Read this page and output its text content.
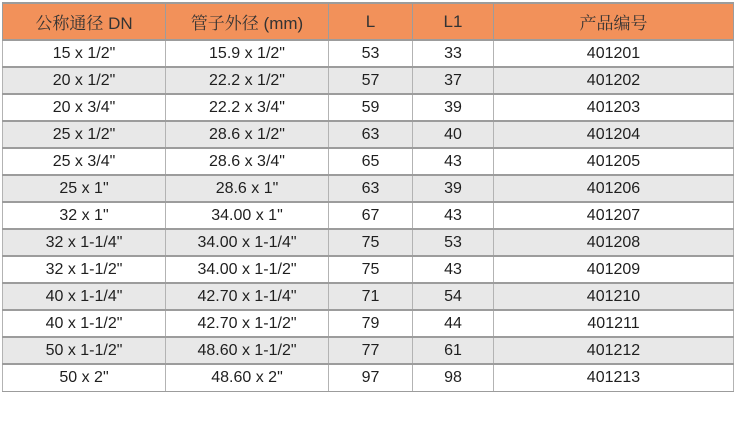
公称通径 DN	管子外径 (mm)	L	L1	产品编号
15 x 1/2"	15.9 x 1/2"	53	33	401201
20 x 1/2"	22.2 x 1/2"	57	37	401202
20 x 3/4"	22.2 x 3/4"	59	39	401203
25 x 1/2"	28.6 x 1/2"	63	40	401204
25 x 3/4"	28.6 x 3/4"	65	43	401205
25 x 1"	28.6 x 1"	63	39	401206
32 x 1"	34.00 x 1"	67	43	401207
32 x 1-1/4"	34.00 x 1-1/4"	75	53	401208
32 x 1-1/2"	34.00 x 1-1/2"	75	43	401209
40 x 1-1/4"	42.70 x 1-1/4"	71	54	401210
40 x 1-1/2"	42.70 x 1-1/2"	79	44	401211
50 x 1-1/2"	48.60 x 1-1/2"	77	61	401212
50 x 2"	48.60 x 2"	97	98	401213
